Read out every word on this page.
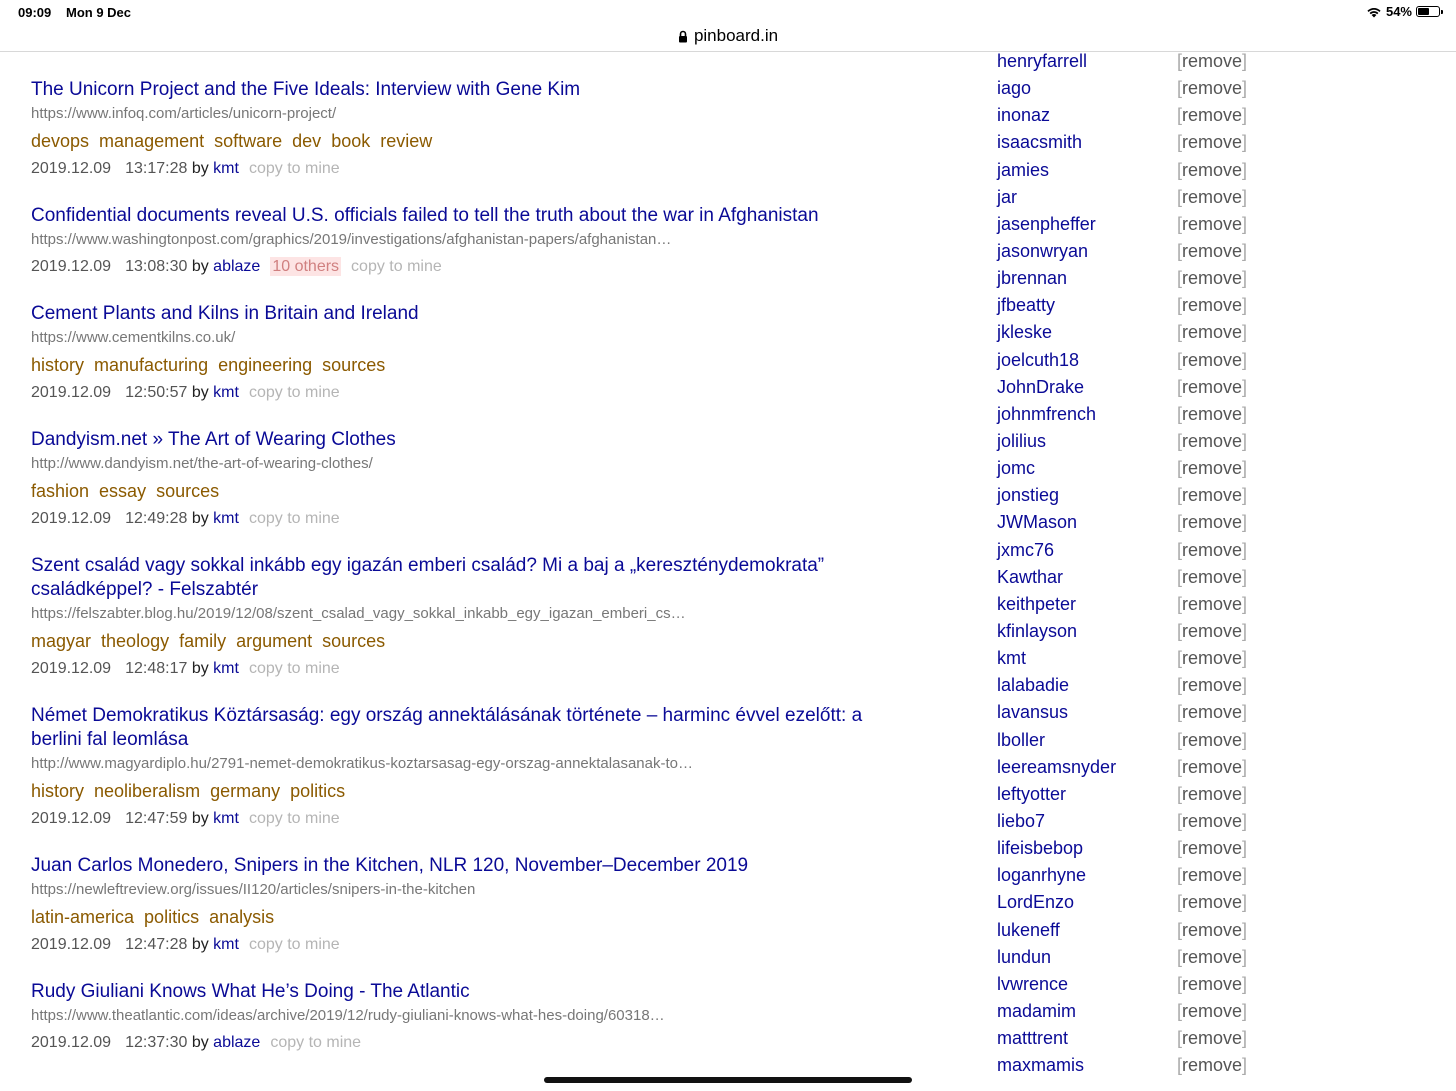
09:09 Mon 9 Dec	54%
pinboard.in
The Unicorn Project and the Five Ideals: Interview with Gene Kim
https://www.infoq.com/articles/unicorn-project/
devops management software dev book review
2019.12.09 13:17:28 by kmt copy to mine
Confidential documents reveal U.S. officials failed to tell the truth about the war in Afghanistan
https://www.washingtonpost.com/graphics/2019/investigations/afghanistan-papers/afghanistan…
2019.12.09 13:08:30 by ablaze 10 others copy to mine
Cement Plants and Kilns in Britain and Ireland
https://www.cementkilns.co.uk/
history manufacturing engineering sources
2019.12.09 12:50:57 by kmt copy to mine
Dandyism.net » The Art of Wearing Clothes
http://www.dandyism.net/the-art-of-wearing-clothes/
fashion essay sources
2019.12.09 12:49:28 by kmt copy to mine
Szent család vagy sokkal inkább egy igazán emberi család? Mi a baj a „kereszténydemokrata” családképpel? - Felszabtér
https://felszabter.blog.hu/2019/12/08/szent_csalad_vagy_sokkal_inkabb_egy_igazan_emberi_cs…
magyar theology family argument sources
2019.12.09 12:48:17 by kmt copy to mine
Német Demokratikus Köztársaság: egy ország annektálásának története – harminc évvel ezelőtt: a berlini fal leomlása
http://www.magyardiplo.hu/2791-nemet-demokratikus-koztarsasag-egy-orszag-annektalasanak-to…
history neoliberalism germany politics
2019.12.09 12:47:59 by kmt copy to mine
Juan Carlos Monedero, Snipers in the Kitchen, NLR 120, November–December 2019
https://newleftreview.org/issues/II120/articles/snipers-in-the-kitchen
latin-america politics analysis
2019.12.09 12:47:28 by kmt copy to mine
Rudy Giuliani Knows What He’s Doing - The Atlantic
https://www.theatlantic.com/ideas/archive/2019/12/rudy-giuliani-knows-what-hes-doing/60318…
2019.12.09 12:37:30 by ablaze copy to mine
henryfarrell	[remove]
iago	[remove]
inonaz	[remove]
isaacsmith	[remove]
jamies	[remove]
jar	[remove]
jasenpheffer	[remove]
jasonwryan	[remove]
jbrennan	[remove]
jfbeatty	[remove]
jkleske	[remove]
joelcuth18	[remove]
JohnDrake	[remove]
johnmfrench	[remove]
jolilius	[remove]
jomc	[remove]
jonstieg	[remove]
JWMason	[remove]
jxmc76	[remove]
Kawthar	[remove]
keithpeter	[remove]
kfinlayson	[remove]
kmt	[remove]
lalabadie	[remove]
lavansus	[remove]
lboller	[remove]
leereamsnyder	[remove]
leftyotter	[remove]
liebo7	[remove]
lifeisbebop	[remove]
loganrhyne	[remove]
LordEnzo	[remove]
lukeneff	[remove]
lundun	[remove]
lvwrence	[remove]
madamim	[remove]
matttrent	[remove]
maxmamis	[remove]
